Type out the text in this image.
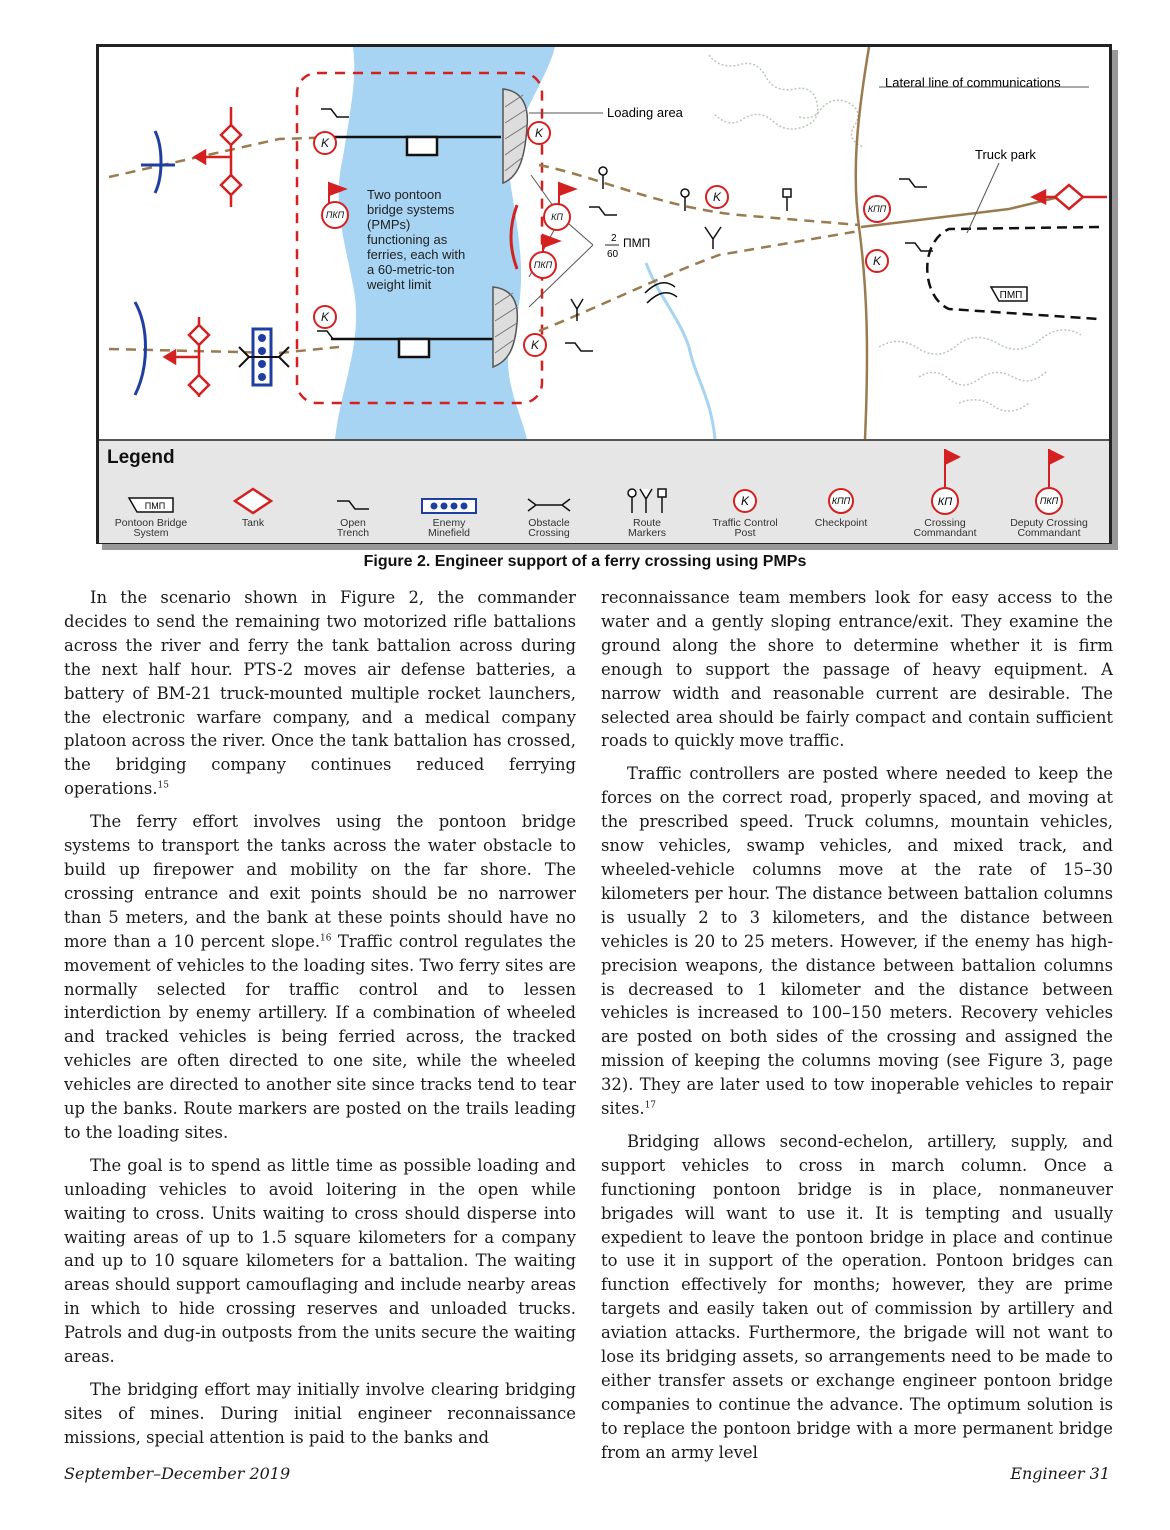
ПМП
Loading area
Two pontoon bridge systems (PMPs) functioning as ferries, each with a 60-metric-ton weight limit
2
60
ПМП
K
K
K
K
K
K
ПКП
ПКП
КП
КПП
Lateral line of communications
Truck park
Legend
ПМП
Pontoon Bridge
System
Tank	Open
Trench
Enemy
Minefield
Obstacle
Crossing
Route
Markers
K
Traffic Control
Post
КПП
Checkpoint
КП
Crossing
Commandant
ПКП
Deputy Crossing
Commandant
Figure 2. Engineer support of a ferry crossing using PMPs

In the scenario shown in Figure 2, the commander decides to send the remaining two motorized rifle battalions across the river and ferry the tank battalion across during the next half hour. PTS-2 moves air defense batteries, a battery of BM-21 truck-mounted multiple rocket launchers, the electronic warfare company, and a medical company platoon across the river. Once the tank battalion has crossed, the bridging company continues reduced ferrying operations.$^{15}$

The ferry effort involves using the pontoon bridge systems to transport the tanks across the water obstacle to build up firepower and mobility on the far shore. The crossing entrance and exit points should be no narrower than 5 meters, and the bank at these points should have no more than a 10 percent slope.$^{16}$ Traffic control regulates the movement of vehicles to the loading sites. Two ferry sites are normally selected for traffic control and to lessen interdiction by enemy artillery. If a combination of wheeled and tracked vehicles is being ferried across, the tracked vehicles are often directed to one site, while the wheeled vehicles are directed to another site since tracks tend to tear up the banks. Route markers are posted on the trails leading to the loading sites.

The goal is to spend as little time as possible loading and unloading vehicles to avoid loitering in the open while waiting to cross. Units waiting to cross should disperse into waiting areas of up to 1.5 square kilometers for a company and up to 10 square kilometers for a battalion. The waiting areas should support camouflaging and include nearby areas in which to hide crossing reserves and unloaded trucks. Patrols and dug-in outposts from the units secure the waiting areas.

The bridging effort may initially involve clearing bridging sites of mines. During initial engineer reconnaissance missions, special attention is paid to the banks and

reconnaissance team members look for easy access to the water and a gently sloping entrance/exit. They examine the ground along the shore to determine whether it is firm enough to support the passage of heavy equipment. A narrow width and reasonable current are desirable. The selected area should be fairly compact and contain sufficient roads to quickly move traffic.

Traffic controllers are posted where needed to keep the forces on the correct road, properly spaced, and moving at the prescribed speed. Truck columns, mountain vehicles, snow vehicles, swamp vehicles, and mixed track, and wheeled-vehicle columns move at the rate of 15–30 kilometers per hour. The distance between battalion columns is usually 2 to 3 kilometers, and the distance between vehicles is 20 to 25 meters. However, if the enemy has high-precision weapons, the distance between battalion columns is decreased to 1 kilometer and the distance between vehicles is increased to 100–150 meters. Recovery vehicles are posted on both sides of the crossing and assigned the mission of keeping the columns moving (see Figure 3, page 32). They are later used to tow inoperable vehicles to repair sites.$^{17}$

Bridging allows second-echelon, artillery, supply, and support vehicles to cross in march column. Once a functioning pontoon bridge is in place, nonmaneuver brigades will want to use it. It is tempting and usually expedient to leave the pontoon bridge in place and continue to use it in support of the operation. Pontoon bridges can function effectively for months; however, they are prime targets and easily taken out of commission by artillery and aviation attacks. Furthermore, the brigade will not want to lose its bridging assets, so arrangements need to be made to either transfer assets or exchange engineer pontoon bridge companies to continue the advance. The optimum solution is to replace the pontoon bridge with a more permanent bridge from an army level

September–December 2019	Engineer 31
